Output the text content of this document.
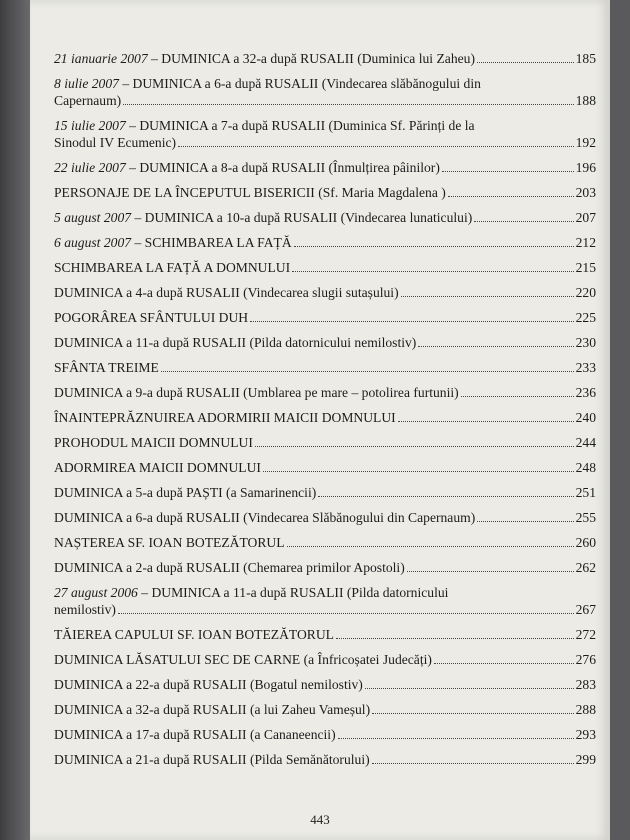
21 ianuarie 2007 – DUMINICA a 32-a după RUSALII (Duminica lui Zaheu)	185
8 iulie 2007 – DUMINICA a 6-a după RUSALII (Vindecarea slăbănogului din
Capernaum)	188
15 iulie 2007 – DUMINICA a 7-a după RUSALII (Duminica Sf. Părinți de la
Sinodul IV Ecumenic)	192
22 iulie 2007 – DUMINICA a 8-a după RUSALII (Înmulțirea pâinilor)	196
PERSONAJE DE LA ÎNCEPUTUL BISERICII (Sf. Maria Magdalena )	203
5 august 2007 – DUMINICA a 10-a după RUSALII (Vindecarea lunaticului)	207
6 august 2007 – SCHIMBAREA LA FAȚĂ	212
SCHIMBAREA LA FAȚĂ A DOMNULUI	215
DUMINICA a 4-a după RUSALII (Vindecarea slugii sutașului)	220
POGORÂREA SFÂNTULUI DUH	225
DUMINICA a 11-a după RUSALII (Pilda datornicului nemilostiv)	230
SFÂNTA TREIME	233
DUMINICA a 9-a după RUSALII (Umblarea pe mare – potolirea furtunii)	236
ÎNAINTEPRĂZNUIREA ADORMIRII MAICII DOMNULUI	240
PROHODUL MAICII DOMNULUI	244
ADORMIREA MAICII DOMNULUI	248
DUMINICA a 5-a după PAȘTI (a Samarinencii)	251
DUMINICA a 6-a după RUSALII (Vindecarea Slăbănogului din Capernaum)	255
NAȘTEREA SF. IOAN BOTEZĂTORUL	260
DUMINICA a 2-a după RUSALII (Chemarea primilor Apostoli)	262
27 august 2006 – DUMINICA a 11-a după RUSALII (Pilda datornicului
nemilostiv)	267
TĂIEREA CAPULUI SF. IOAN BOTEZĂTORUL	272
DUMINICA LĂSATULUI SEC DE CARNE (a Înfricoșatei Judecăți)	276
DUMINICA a 22-a după RUSALII (Bogatul nemilostiv)	283
DUMINICA a 32-a după RUSALII (a lui Zaheu Vameșul)	288
DUMINICA a 17-a după RUSALII (a Cananeencii)	293
DUMINICA a 21-a după RUSALII (Pilda Semănătorului)	299
443
